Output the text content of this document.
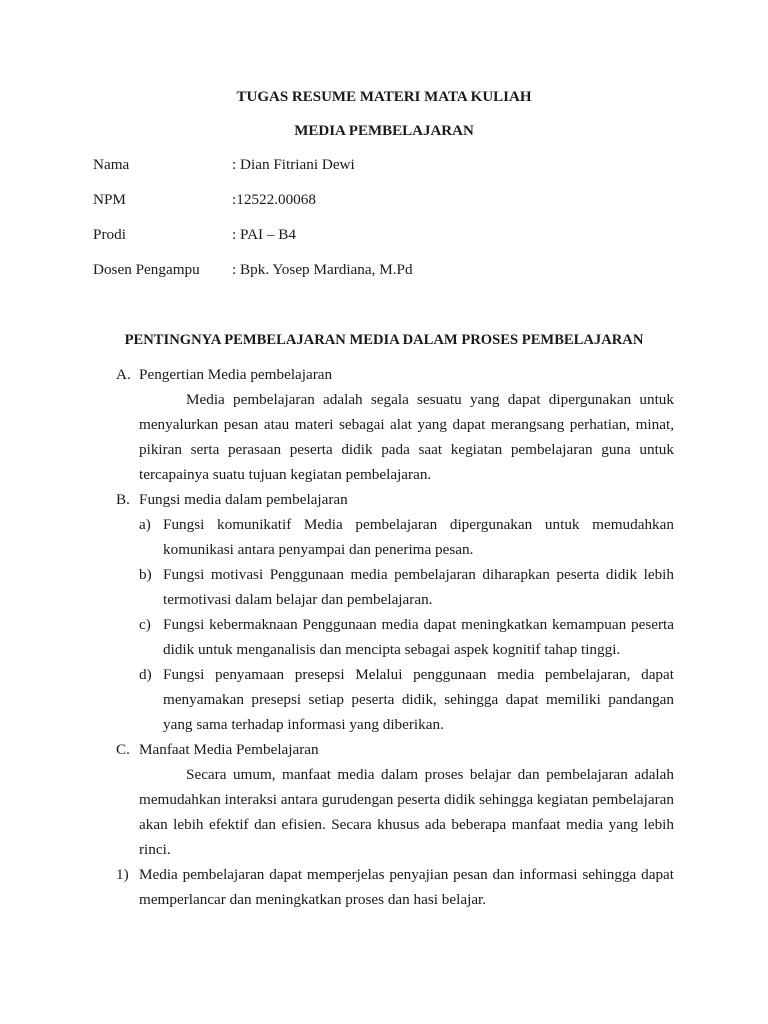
TUGAS RESUME MATERI MATA KULIAH

MEDIA PEMBELAJARAN

Nama	: Dian Fitriani Dewi
NPM	:12522.00068
Prodi	: PAI – B4
Dosen Pengampu : Bpk. Yosep Mardiana, M.Pd

PENTINGNYA PEMBELAJARAN MEDIA DALAM PROSES PEMBELAJARAN

A. Pengertian Media pembelajaran

Media pembelajaran adalah segala sesuatu yang dapat dipergunakan untuk menyalurkan pesan atau materi sebagai alat yang dapat merangsang perhatian, minat, pikiran serta perasaan peserta didik pada saat kegiatan pembelajaran guna untuk tercapainya suatu tujuan kegiatan pembelajaran.

B. Fungsi media dalam pembelajaran
a) Fungsi komunikatif Media pembelajaran dipergunakan untuk memudahkan komunikasi antara penyampai dan penerima pesan.

b) Fungsi motivasi Penggunaan media pembelajaran diharapkan peserta didik lebih termotivasi dalam belajar dan pembelajaran.

c) Fungsi kebermaknaan Penggunaan media dapat meningkatkan kemampuan peserta didik untuk menganalisis dan mencipta sebagai aspek kognitif tahap tinggi.

d) Fungsi penyamaan presepsi Melalui penggunaan media pembelajaran, dapat menyamakan presepsi setiap peserta didik, sehingga dapat memiliki pandangan yang sama terhadap informasi yang diberikan.

C. Manfaat Media Pembelajaran

Secara umum, manfaat media dalam proses belajar dan pembelajaran adalah memudahkan interaksi antara gurudengan peserta didik sehingga kegiatan pembelajaran akan lebih efektif dan efisien. Secara khusus ada beberapa manfaat media yang lebih rinci.

1) Media pembelajaran dapat memperjelas penyajian pesan dan informasi sehingga dapat memperlancar dan meningkatkan proses dan hasi belajar.
